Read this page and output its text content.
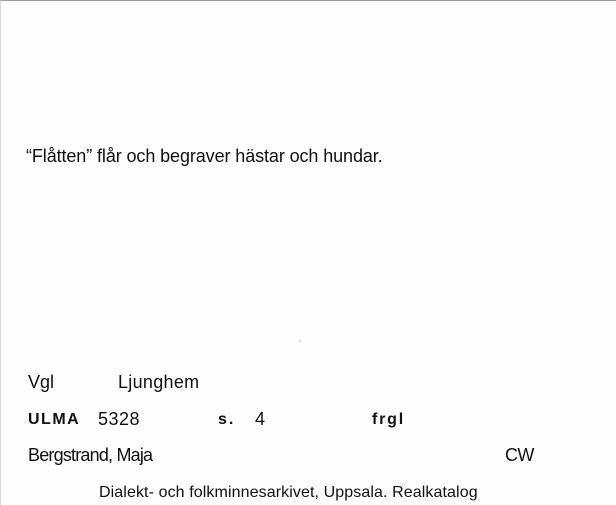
“Flåtten” flår och begraver hästar och hundar.
Vgl	Ljunghem
ULMA 5328	s. 4	frgl
Bergstrand, Maja	CW
Dialekt- och folkminnesarkivet, Uppsala. Realkatalog
